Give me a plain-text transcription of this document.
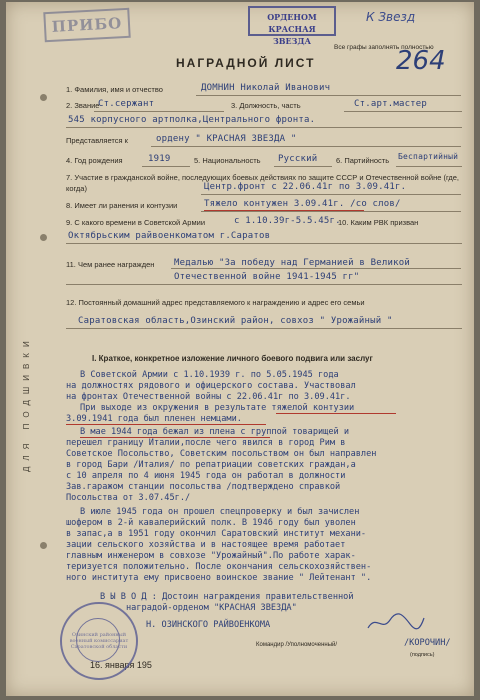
ПРИБО	ОРДЕНОМ
КРАСНАЯ ЗВЕЗДА
К Звезд
Все графы заполнять полностью
НАГРАДНОЙ ЛИСТ	264
1. Фамилия, имя и отчество	ДОМНИН Николай Иванович
2. Звание
Ст.сержант	3. Должность, часть	Ст.арт.мастер
545 корпусного артполка,Центрального фронта.
Представляется к	ордену " КРАСНАЯ ЗВЕЗДА "
4. Год рождения	1919	5. Национальность Русский 6. Партийность Беспартийный
7. Участие в гражданской войне, последующих боевых действиях по защите СССР и Отечественной войне (где, когда)	Центр.фронт с 22.06.41г по 3.09.41г.
8. Имеет ли ранения и контузии	Тяжело контужен 3.09.41г. /со слов/
9. С какого времени в Советской Армии	с 1.10.39г-5.5.45г.
10. Каким РВК призван
Октябрьским райвоенкоматом г.Саратов
11. Чем ранее награжден Медалью "За победу над Германией в Великой Отечественной войне 1941-1945 гг"
12. Постоянный домашний адрес представляемого к награждению и адрес его семьи
Саратовская область,Озинский район, совхоз " Урожайный "
ДЛЯ ПОДШИВКИ	I. Краткое, конкретное изложение личного боевого подвига или заслуг
В Советской Армии с 1.10.1939 г. по 5.05.1945 года
на должностях рядового и офицерского состава. Участвовал
на фронтах Отечественной войны с 22.06.41г по 3.09.41г.
При выходе из окружения в результате тяжелой контузии
3.09.1941 года был пленен немцами.
В мае 1944 года бежал из плена с группой товарищей и
перешел границу Италии,после чего явился в город Рим в
Советское Посольство, Советским посольством он был направлен
в город Бари /Италия/ по репатриации советских граждан,а
с 10 апреля по 4 июня 1945 года он работал в должности
Зав.гаражом станции посольства /подтверждено справкой
Посольства от 3.07.45г./
В июле 1945 года он прошел спецпроверку и был зачислен
шофером в 2-й кавалерийский полк. В 1946 году был уволен
в запас,а в 1951 году окончил Саратовский институт механи-
зации сельского хозяйства и в настоящее время работает
главным инженером в совхозе "Урожайный".По работе харак-
теризуется положительно. После окончания сельскохозяйствен-
ного института ему присвоено воинское звание " Лейтенант ".
В Ы В О Д : Достоин награждения правительственной
наградой-орденом "КРАСНАЯ ЗВЕЗДА"
Н. ОЗИНСКОГО РАЙВОЕНКОМА
Командир /Уполномоченный/	/КОРОЧИН/
(подпись)
16. января 195
Озинский районный военный комиссариат Саратовской области
